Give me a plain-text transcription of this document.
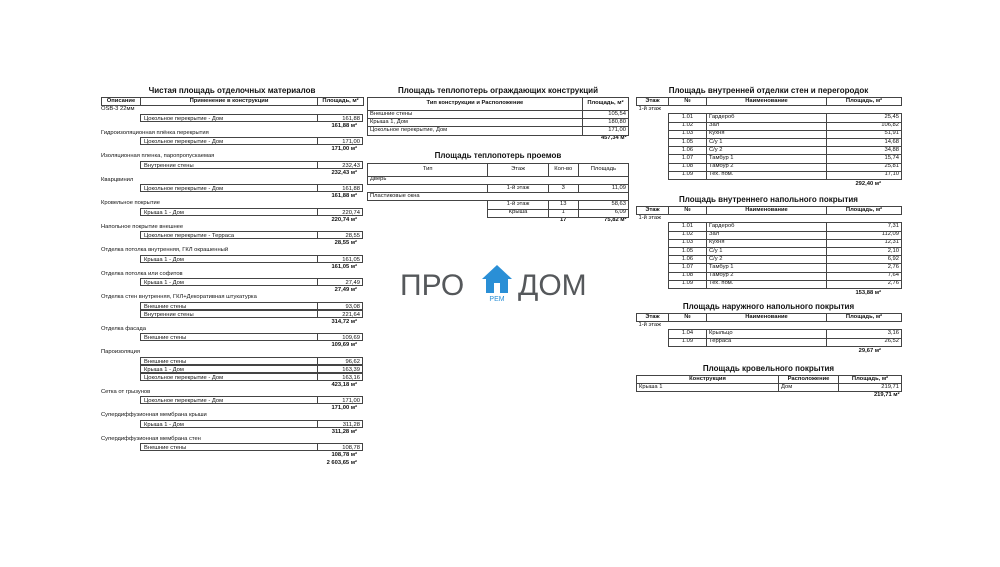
Чистая площадь отделочных материалов
Описание	Применение в конструкции	Площадь, м²
OSB-3 22мм
Цокольное перекрытие - Дом	161,88
161,88 м²
Гидроизоляционная плёнка перекрытия
Цокольное перекрытие - Дом	171,00
171,00 м²
Изоляционная пленка, паропропускаемая
Внутренние стены	232,43
232,43 м²
Кварцвинил
Цокольное перекрытие - Дом	161,88
161,88 м²
Кровельное покрытие
Крыша 1 - Дом	220,74
220,74 м²
Напольное покрытие внешнее
Цокольное перекрытие - Терраса	28,55
28,55 м²
Отделка потолка внутренняя, ГКЛ окрашенный
Крыша 1 - Дом	161,05
161,05 м²
Отделка потолка или софитов
Крыша 1 - Дом	27,49
27,49 м²
Отделка стен внутренняя, ГКЛ+Декоративная штукатурка
Внешние стены	93,08
Внутренние стены	221,64
314,72 м²
Отделка фасада
Внешние стены	109,69
109,69 м²
Пароизоляция
Внешние стены	96,62
Крыша 1 - Дом	163,39
Цокольное перекрытие - Дом	163,16
423,18 м²
Сетка от грызунов
Цокольное перекрытие - Дом	171,00
171,00 м²
Супердиффузионная мембрана крыши
Крыша 1 - Дом	311,28
311,28 м²
Супердиффузионная мембрана стен
Внешние стены	108,78
108,78 м²
2 603,65 м²
Площадь теплопотерь ограждающих конструкций
Тип конструкции и Расположение	Площадь, м²
Внешние стены	105,54
Крыша 1, Дом	180,80
Цокольное перекрытие, Дом	171,00
	457,34 м²
Площадь теплопотерь проемов
Тип	Этаж	Кол-во	Площадь
Дверь			
	1-й этаж	3	11,09
Пластиковые окна			
	1-й этаж	13	58,63
	Крыша	1	6,09
		17	75,82 м²
Площадь внутренней отделки стен и перегородок
Этаж	№	Наименование	Площадь, м²
1-й этаж			
	1.01	Гардероб	25,45
	1.02	Зал	106,82
	1.03	Кухня	51,91
	1.05	С/у 1	14,68
	1.06	С/у 2	34,88
	1.07	Тамбур 1	15,74
	1.08	Тамбур 2	25,81
	1.09	Тех. пом.	17,10
292,40 м²
Площадь внутреннего напольного покрытия
Этаж	№	Наименование	Площадь, м²
1-й этаж			
	1.01	Гардероб	7,31
	1.02	Зал	112,09
	1.03	Кухня	12,31
	1.05	С/у 1	2,10
	1.06	С/у 2	6,92
	1.07	Тамбур 1	2,76
	1.08	Тамбур 2	7,64
	1.09	Тех. пом.	2,76
153,88 м²
Площадь наружного напольного покрытия
Этаж	№	Наименование	Площадь, м²
1-й этаж			
	1.04	Крыльцо	3,16
	1.09	Терраса	26,52
29,67 м²
Площадь кровельного покрытия
Конструкция	Расположение	Площадь, м²
Крыша 1	Дом	219,71
		219,71 м²
ПРО	РЕМ ДОМ
